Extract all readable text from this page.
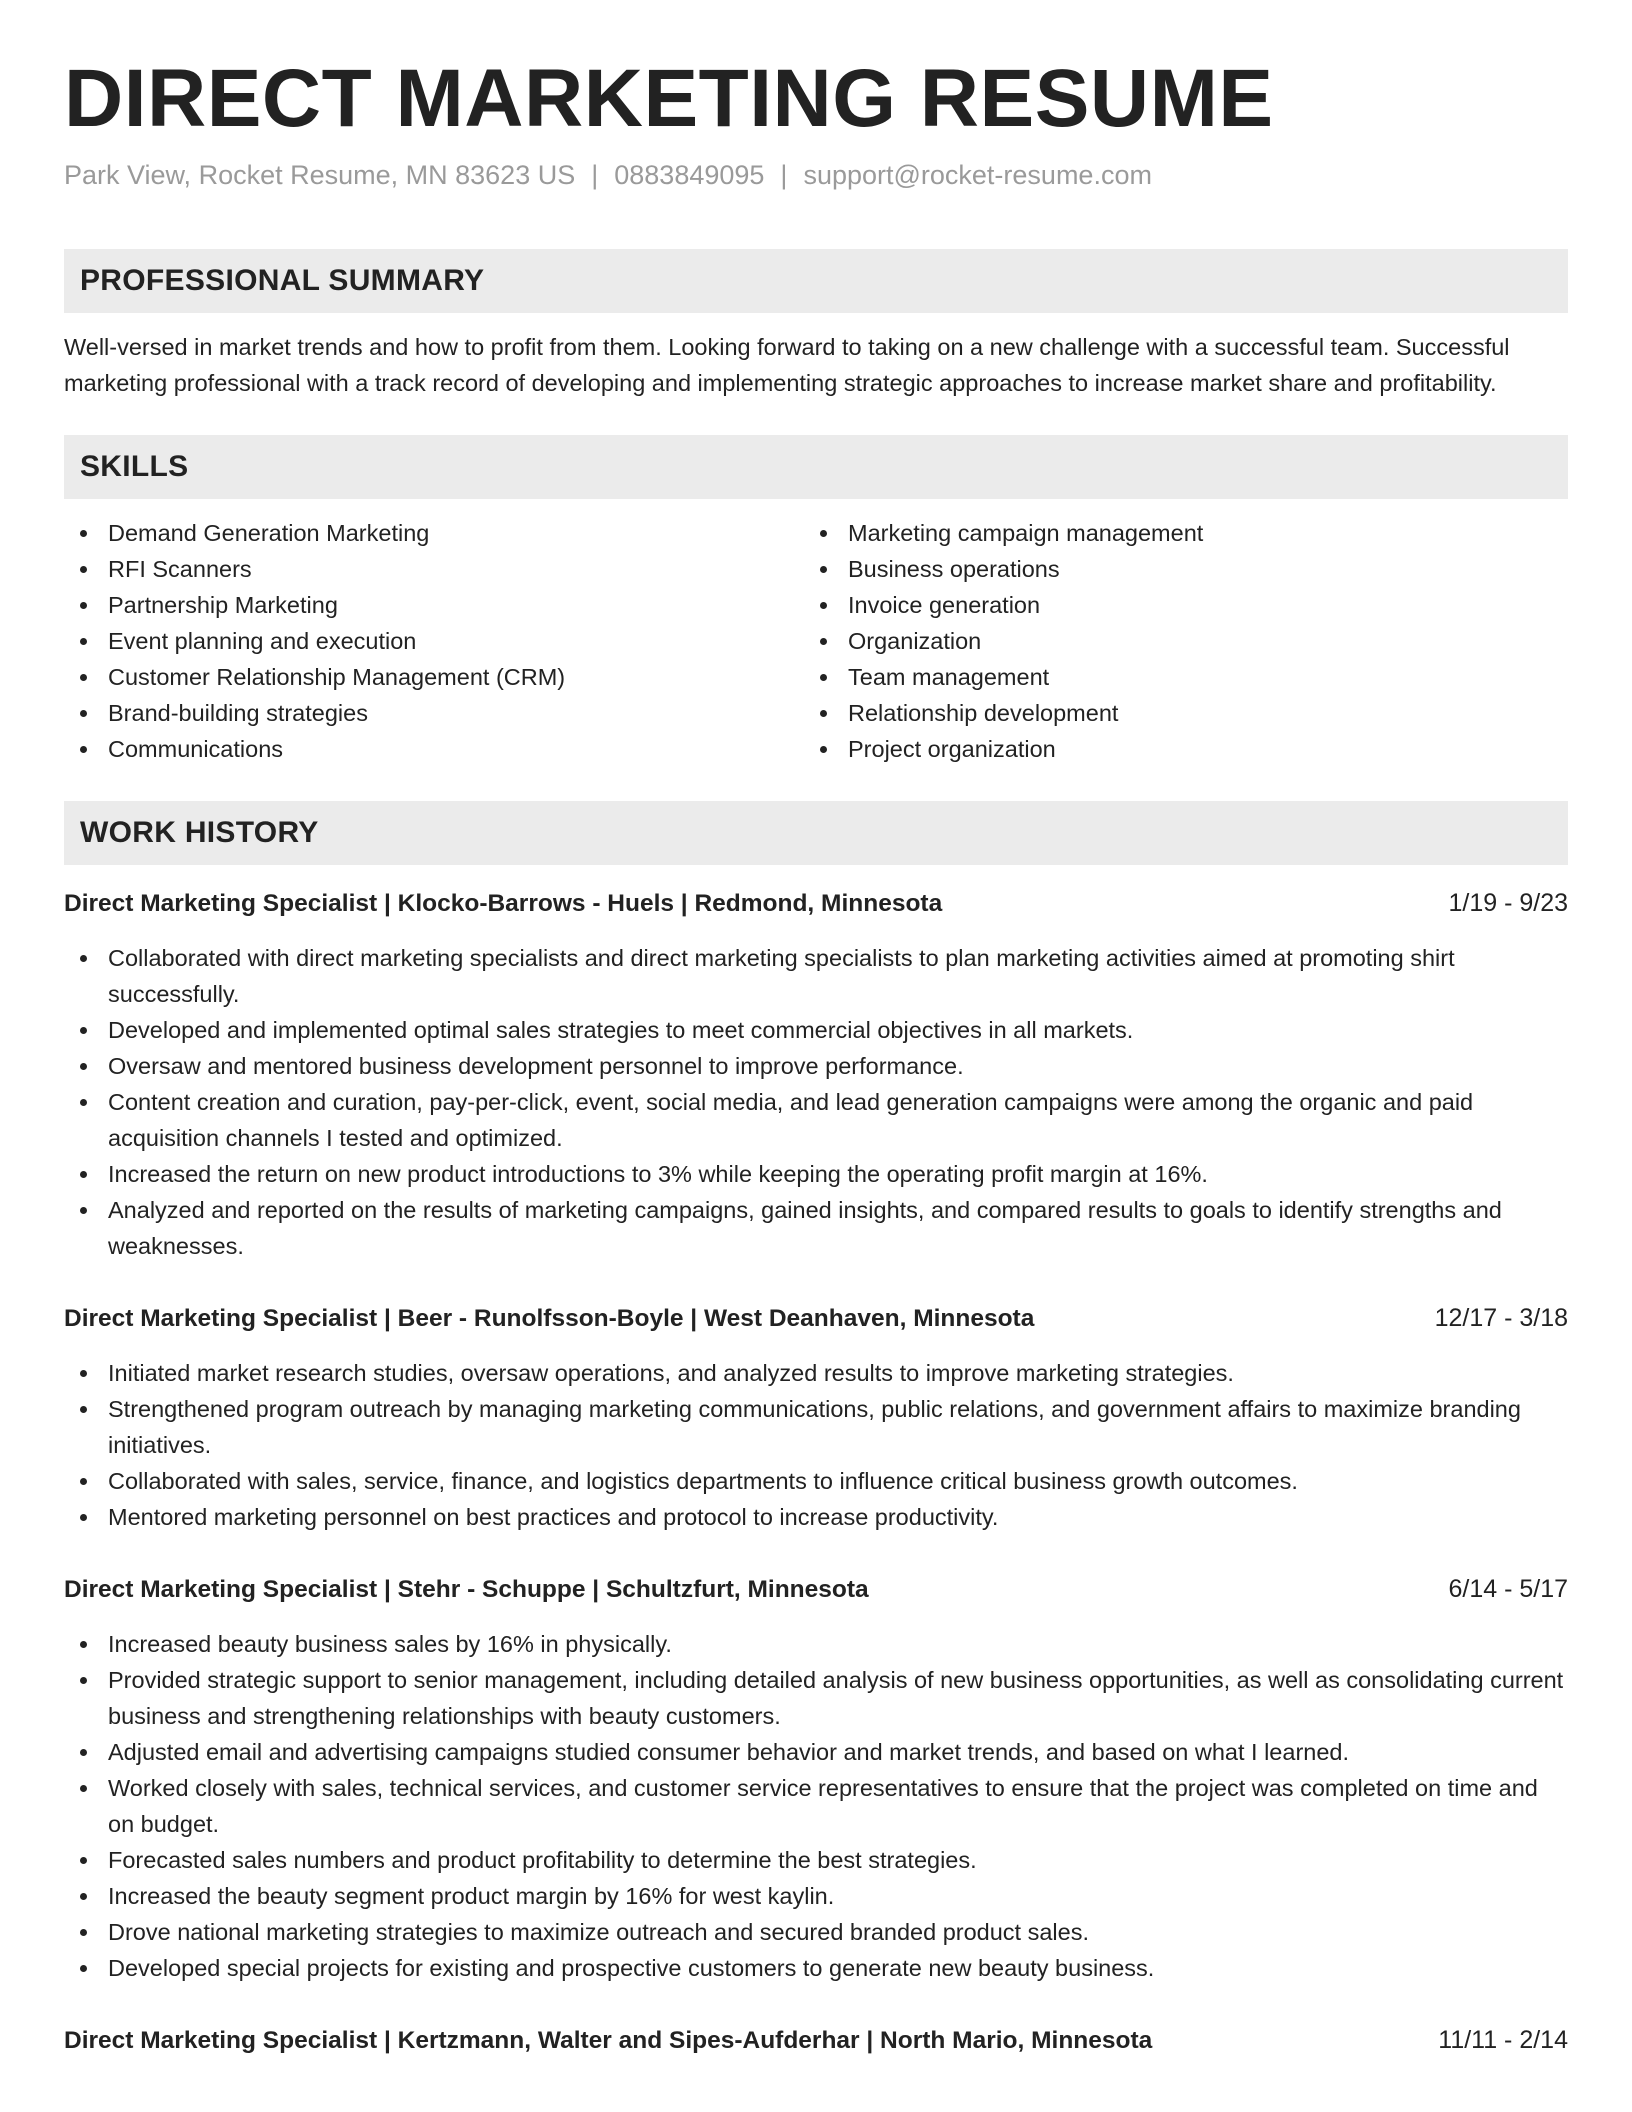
DIRECT MARKETING RESUME
Park View, Rocket Resume, MN 83623 US | 0883849095 | support@rocket-resume.com
PROFESSIONAL SUMMARY

Well-versed in market trends and how to profit from them. Looking forward to taking on a new challenge with a successful team. Successful marketing professional with a track record of developing and implementing strategic approaches to increase market share and profitability.

SKILLS
Demand Generation Marketing
RFI Scanners
Partnership Marketing
Event planning and execution
Customer Relationship Management (CRM)
Brand-building strategies
Communications
Marketing campaign management
Business operations
Invoice generation
Organization
Team management
Relationship development
Project organization
WORK HISTORY
Direct Marketing Specialist | Klocko-Barrows - Huels | Redmond, Minnesota	1/19 - 9/23
Collaborated with direct marketing specialists and direct marketing specialists to plan marketing activities aimed at promoting shirt successfully.
Developed and implemented optimal sales strategies to meet commercial objectives in all markets.
Oversaw and mentored business development personnel to improve performance.
Content creation and curation, pay-per-click, event, social media, and lead generation campaigns were among the organic and paid acquisition channels I tested and optimized.
Increased the return on new product introductions to 3% while keeping the operating profit margin at 16%.
Analyzed and reported on the results of marketing campaigns, gained insights, and compared results to goals to identify strengths and weaknesses.
Direct Marketing Specialist | Beer - Runolfsson-Boyle | West Deanhaven, Minnesota	12/17 - 3/18
Initiated market research studies, oversaw operations, and analyzed results to improve marketing strategies.
Strengthened program outreach by managing marketing communications, public relations, and government affairs to maximize branding initiatives.
Collaborated with sales, service, finance, and logistics departments to influence critical business growth outcomes.
Mentored marketing personnel on best practices and protocol to increase productivity.
Direct Marketing Specialist | Stehr - Schuppe | Schultzfurt, Minnesota	6/14 - 5/17
Increased beauty business sales by 16% in physically.
Provided strategic support to senior management, including detailed analysis of new business opportunities, as well as consolidating current business and strengthening relationships with beauty customers.
Adjusted email and advertising campaigns studied consumer behavior and market trends, and based on what I learned.
Worked closely with sales, technical services, and customer service representatives to ensure that the project was completed on time and on budget.
Forecasted sales numbers and product profitability to determine the best strategies.
Increased the beauty segment product margin by 16% for west kaylin.
Drove national marketing strategies to maximize outreach and secured branded product sales.
Developed special projects for existing and prospective customers to generate new beauty business.
Direct Marketing Specialist | Kertzmann, Walter and Sipes-Aufderhar | North Mario, Minnesota	11/11 - 2/14
